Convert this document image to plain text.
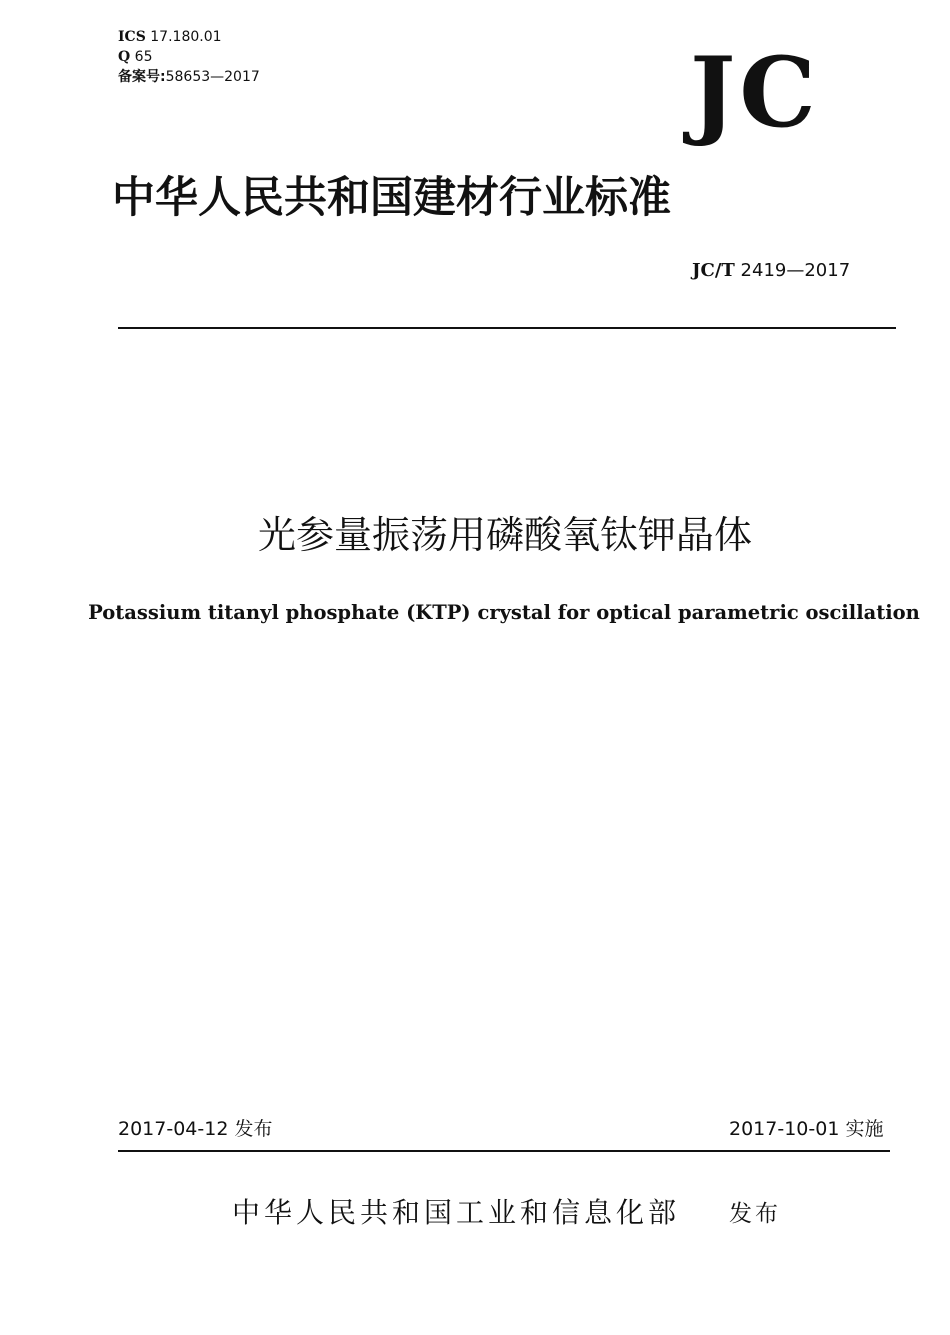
ICS 17.180.01
Q 65
备案号:58653—2017	JC
中华人民共和国建材行业标准
JC/T 2419—2017
光参量振荡用磷酸氧钛钾晶体
Potassium titanyl phosphate (KTP) crystal for optical parametric oscillation
2017-04-12 发布	2017-10-01 实施
中华人民共和国工业和信息化部 发布
